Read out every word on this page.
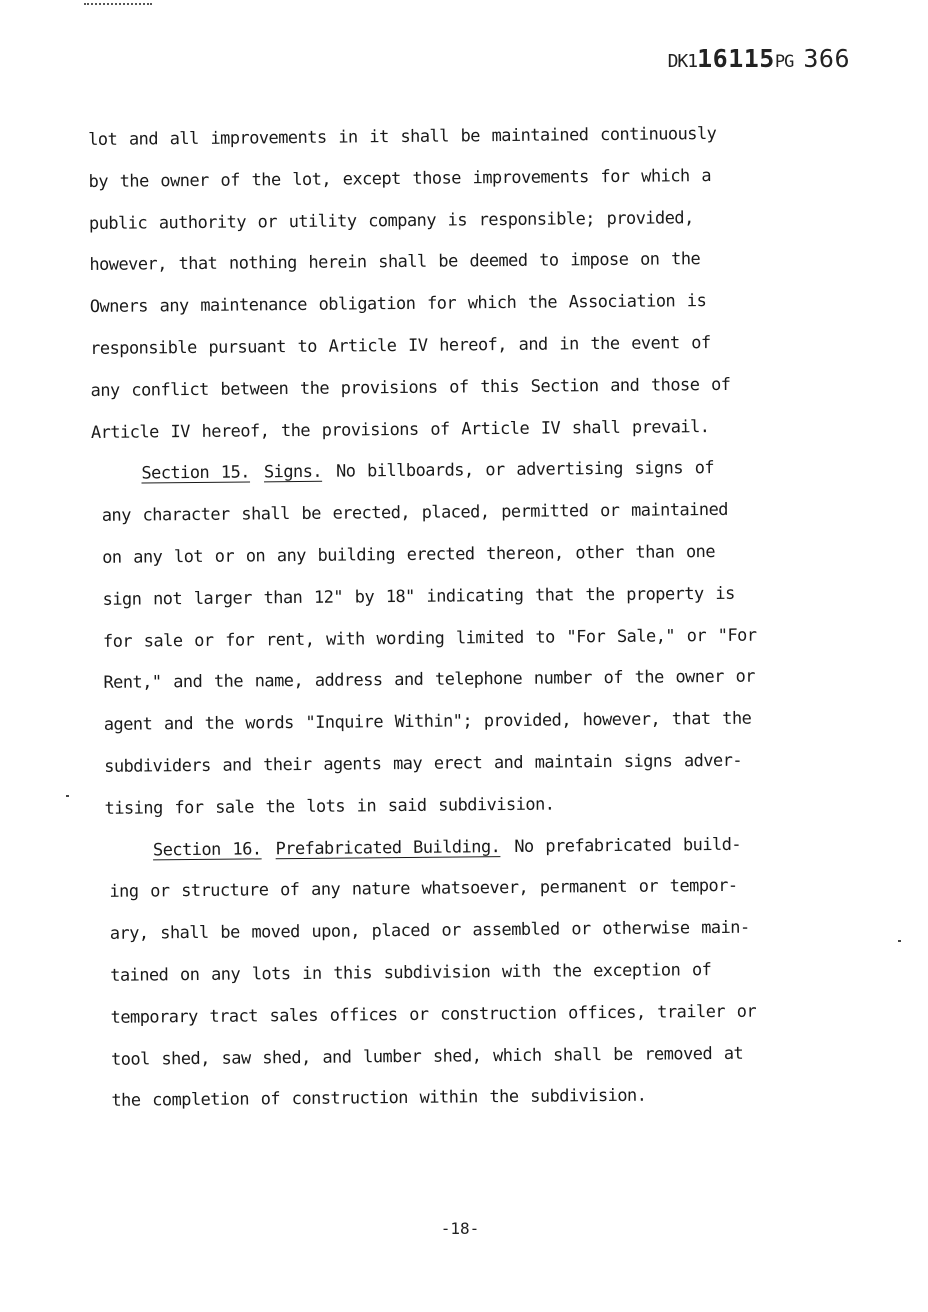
DK116115PG 366
lot and all improvements in it shall be maintained continuously
by the owner of the lot, except those improvements for which a
public authority or utility company is responsible; provided,
however, that nothing herein shall be deemed to impose on the
Owners any maintenance obligation for which the Association is
responsible pursuant to Article IV hereof, and in the event of
any conflict between the provisions of this Section and those of
Article IV hereof, the provisions of Article IV shall prevail.
Section 15. Signs. No billboards, or advertising signs of
any character shall be erected, placed, permitted or maintained
on any lot or on any building erected thereon, other than one
sign not larger than 12" by 18" indicating that the property is
for sale or for rent, with wording limited to "For Sale," or "For
Rent," and the name, address and telephone number of the owner or
agent and the words "Inquire Within"; provided, however, that the
subdividers and their agents may erect and maintain signs adver-
tising for sale the lots in said subdivision.
Section 16. Prefabricated Building. No prefabricated build-
ing or structure of any nature whatsoever, permanent or tempor-
ary, shall be moved upon, placed or assembled or otherwise main-
tained on any lots in this subdivision with the exception of
temporary tract sales offices or construction offices, trailer or
tool shed, saw shed, and lumber shed, which shall be removed at
the completion of construction within the subdivision.
-18-
